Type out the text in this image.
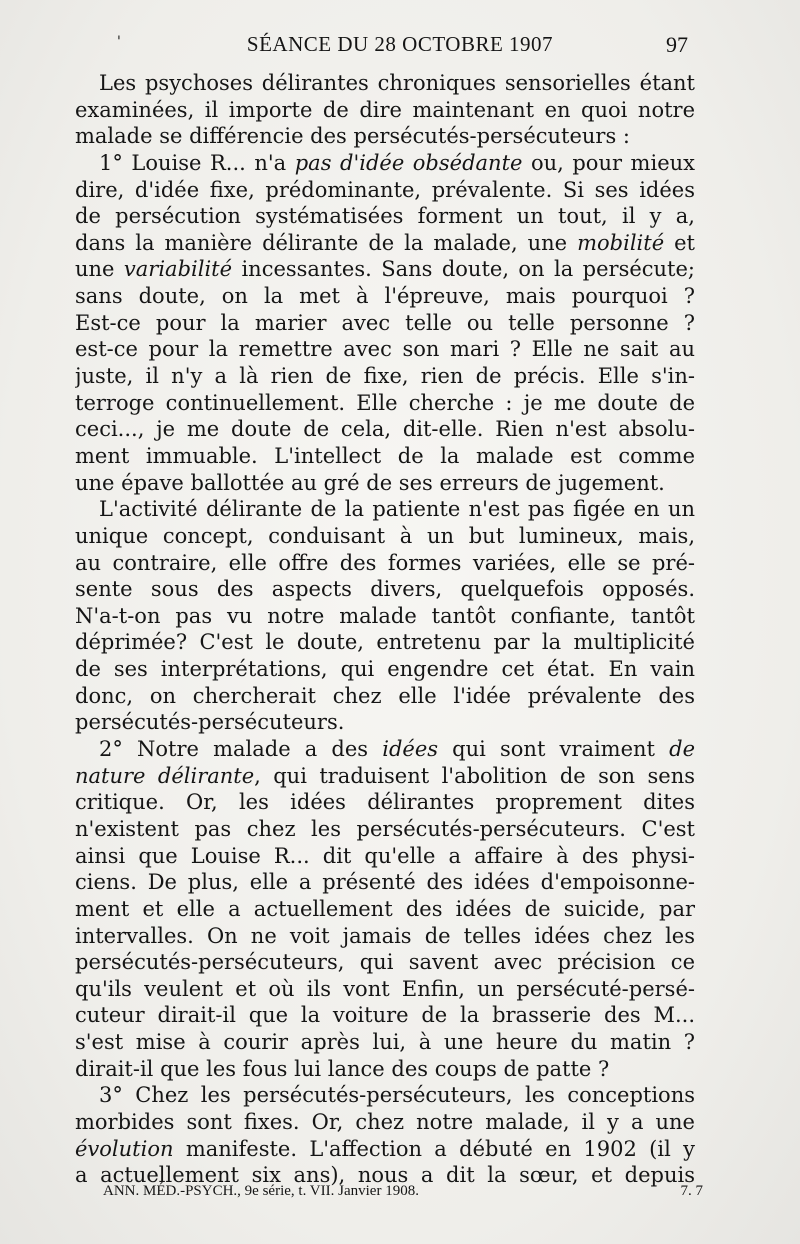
'	SÉANCE DU 28 OCTOBRE 1907	97
Les psychoses délirantes chroniques sensorielles étant
examinées, il importe de dire maintenant en quoi notre
malade se différencie des persécutés-persécuteurs :
1° Louise R... n'a pas d'idée obsédante ou, pour mieux
dire, d'idée fixe, prédominante, prévalente. Si ses idées
de persécution systématisées forment un tout, il y a,
dans la manière délirante de la malade, une mobilité et
une variabilité incessantes. Sans doute, on la persécute;
sans doute, on la met à l'épreuve, mais pourquoi ?
Est-ce pour la marier avec telle ou telle personne ?
est-ce pour la remettre avec son mari ? Elle ne sait au
juste, il n'y a là rien de fixe, rien de précis. Elle s'in-
terroge continuellement. Elle cherche : je me doute de
ceci..., je me doute de cela, dit-elle. Rien n'est absolu-
ment immuable. L'intellect de la malade est comme
une épave ballottée au gré de ses erreurs de jugement.
L'activité délirante de la patiente n'est pas figée en un
unique concept, conduisant à un but lumineux, mais,
au contraire, elle offre des formes variées, elle se pré-
sente sous des aspects divers, quelquefois opposés.
N'a-t-on pas vu notre malade tantôt confiante, tantôt
déprimée? C'est le doute, entretenu par la multiplicité
de ses interprétations, qui engendre cet état. En vain
donc, on chercherait chez elle l'idée prévalente des
persécutés-persécuteurs.
2° Notre malade a des idées qui sont vraiment de
nature délirante, qui traduisent l'abolition de son sens
critique. Or, les idées délirantes proprement dites
n'existent pas chez les persécutés-persécuteurs. C'est
ainsi que Louise R... dit qu'elle a affaire à des physi-
ciens. De plus, elle a présenté des idées d'empoisonne-
ment et elle a actuellement des idées de suicide, par
intervalles. On ne voit jamais de telles idées chez les
persécutés-persécuteurs, qui savent avec précision ce
qu'ils veulent et où ils vont Enfin, un persécuté-persé-
cuteur dirait-il que la voiture de la brasserie des M...
s'est mise à courir après lui, à une heure du matin ?
dirait-il que les fous lui lance des coups de patte ?
3° Chez les persécutés-persécuteurs, les conceptions
morbides sont fixes. Or, chez notre malade, il y a une
évolution manifeste. L'affection a débuté en 1902 (il y
a actuellement six ans), nous a dit la sœur, et depuis
ANN. MÉD.-PSYCH., 9e série, t. VII. Janvier 1908.	7. 7
